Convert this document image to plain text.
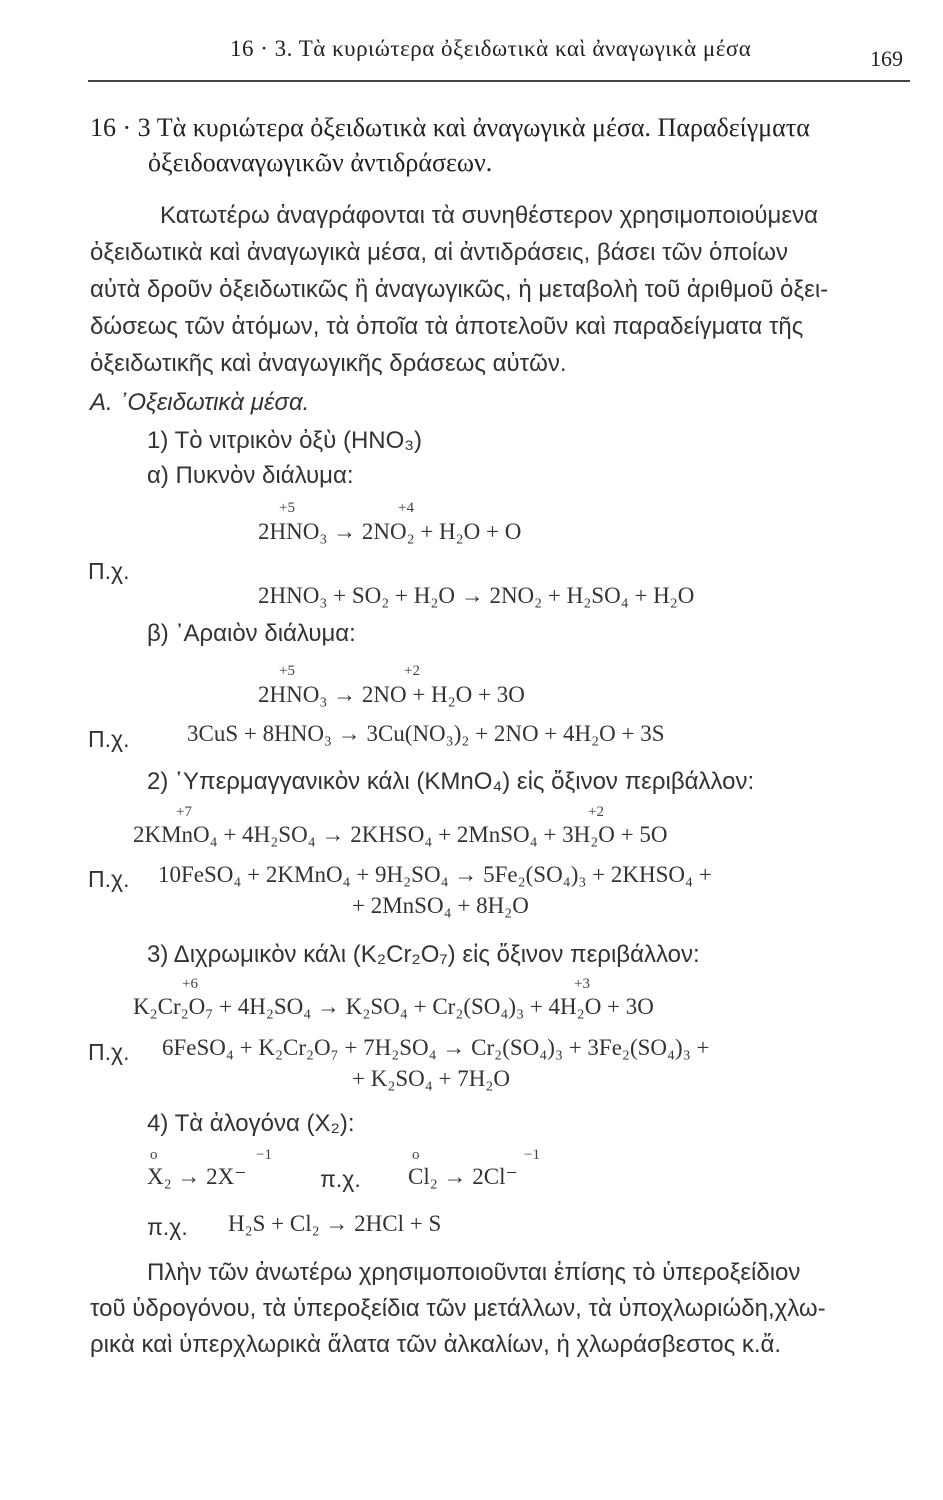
16 · 3. Τὰ κυριώτερα ὀξειδωτικὰ καὶ ἀναγωγικὰ μέσα	169
16 · 3 Τὰ κυριώτερα ὀξειδωτικὰ καὶ ἀναγωγικὰ μέσα. Παραδείγματα
ὀξειδοαναγωγικῶν ἀντιδράσεων.
Κατωτέρω ἀναγράφονται τὰ συνηθέστερον χρησιμοποιούμενα
ὀξειδωτικὰ καὶ ἀναγωγικὰ μέσα, αἱ ἀντιδράσεις, βάσει τῶν ὁποίων
αὐτὰ δροῦν ὀξειδωτικῶς ἢ ἀναγωγικῶς, ἡ μεταβολὴ τοῦ ἀριθμοῦ ὀξει-
δώσεως τῶν ἀτόμων, τὰ ὁποῖα τὰ ἀποτελοῦν καὶ παραδείγματα τῆς
ὀξειδωτικῆς καὶ ἀναγωγικῆς δράσεως αὐτῶν.
Α. ᾿Οξειδωτικὰ μέσα.
1) Τὸ νιτρικὸν ὀξὺ (HNO₃)
α) Πυκνὸν διάλυμα:
+5	+4
2HNO₃ → 2NO₂ + H₂O + O
Π.χ.
2HNO₃ + SO₂ + H₂O → 2NO₂ + H₂SO₄ + H₂O
β) ᾿Αραιὸν διάλυμα:
+5	+2
2HNO₃ → 2NO + H₂O + 3O
Π.χ.	3CuS + 8HNO₃ → 3Cu(NO₃)₂ + 2NO + 4H₂O + 3S
2) ῾Υπερμαγγανικὸν κάλι (KMnO₄) εἰς ὄξινον περιβάλλον:
+7	+2
2KMnO₄ + 4H₂SO₄ → 2KHSO₄ + 2MnSO₄ + 3H₂O + 5O
Π.χ. 10FeSO₄ + 2KMnO₄ + 9H₂SO₄ → 5Fe₂(SO₄)₃ + 2KHSO₄ +
+ 2MnSO₄ + 8H₂O
3) Διχρωμικὸν κάλι (K₂Cr₂O₇) εἰς ὄξινον περιβάλλον:
+6	+3
K₂Cr₂O₇ + 4H₂SO₄ → K₂SO₄ + Cr₂(SO₄)₃ + 4H₂O + 3O
Π.χ. 6FeSO₄ + K₂Cr₂O₇ + 7H₂SO₄ → Cr₂(SO₄)₃ + 3Fe₂(SO₄)₃ +
+ K₂SO₄ + 7H₂O
4) Τὰ ἀλογόνα (X₂):
o	−1
X₂ → 2X⁻	π.χ.
o	−1
Cl₂ → 2Cl⁻
π.χ. H₂S + Cl₂ → 2HCl + S
Πλὴν τῶν ἀνωτέρω χρησιμοποιοῦνται ἐπίσης τὸ ὑπεροξείδιον
τοῦ ὑδρογόνου, τὰ ὑπεροξείδια τῶν μετάλλων, τὰ ὑποχλωριώδη,χλω-
ρικὰ καὶ ὑπερχλωρικὰ ἅλατα τῶν ἀλκαλίων, ἡ χλωράσβεστος κ.ἄ.
